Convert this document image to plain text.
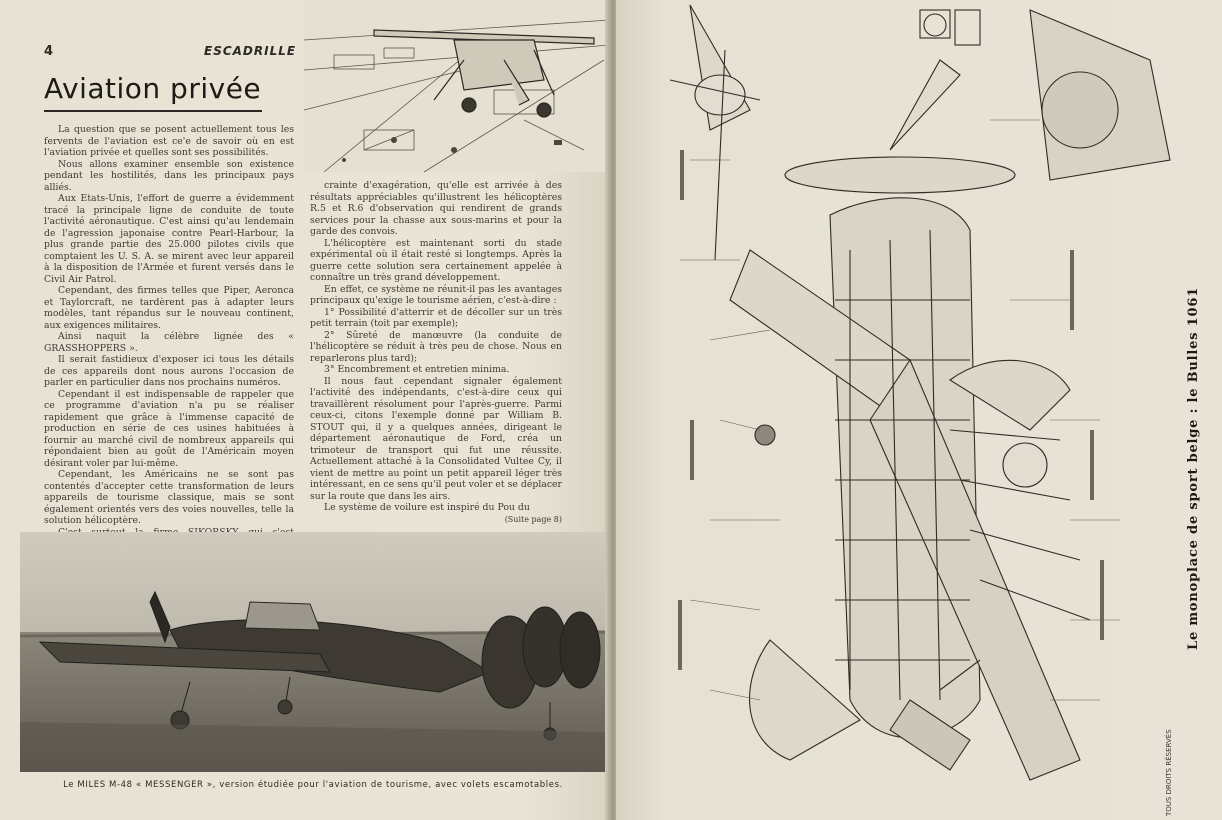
4	ESCADRILLE
Aviation privée

La question que se posent actuellement tous les fervents de l'aviation est ce'e de savoir où en est l'aviation privée et quelles sont ses possibilités.

Nous allons examiner ensemble son existence pendant les hostilités, dans les principaux pays alliés.

Aux Etats-Unis, l'effort de guerre a évidemment tracé la principale ligne de conduite de toute l'activité aéronautique. C'est ainsi qu'au lendemain de l'agression japonaise contre Pearl-Harbour, la plus grande partie des 25.000 pilotes civils que comptaient les U. S. A. se mirent avec leur appareil à la disposition de l'Armée et furent versés dans le Civil Air Patrol.

Cependant, des firmes telles que Piper, Aeronca et Taylorcraft, ne tardèrent pas à adapter leurs modèles, tant répandus sur le nouveau continent, aux exigences militaires.

Ainsi naquit la célèbre lignée des « GRASSHOPPERS ».

Il serait fastidieux d'exposer ici tous les détails de ces appareils dont nous aurons l'occasion de parler en particulier dans nos prochains numéros.

Cependant il est indispensable de rappeler que ce programme d'aviation n'a pu se réaliser rapidement que grâce à l'immense capacité de production en série de ces usines habituées à fournir au marché civil de nombreux appareils qui répondaient bien au goût de l'Américain moyen désirant voler par lui-même.

Cependant, les Américains ne se sont pas contentés d'accepter cette transformation de leurs appareils de tourisme classique, mais se sont également orientés vers des voies nouvelles, telle la solution hélicoptère.

crainte d'exagération, qu'elle est arrivée à des résultats appréciables qu'illustrent les hélicoptères R.5 et R.6 d'observation qui rendirent de grands services pour la chasse aux sous-marins et pour la garde des convois.

L'hélicoptère est maintenant sorti du stade expérimental où il était resté si longtemps. Après la guerre cette solution sera certainement appelée à connaître un très grand développement.

En effet, ce système ne réunit-il pas les avantages principaux qu'exige le tourisme aérien, c'est-à-dire :

1° Possibilité d'atterrir et de décoller sur un très petit terrain (toit par exemple);

2° Sûreté de manœuvre (la conduite de l'hélicoptère se réduit à très peu de chose. Nous en reparlerons plus tard);

3° Encombrement et entretien minima.

Il nous faut cependant signaler également l'activité des indépendants, c'est-à-dire ceux qui travaillèrent résolument pour l'après-guerre. Parmi ceux-ci, citons l'exemple donné par William B. STOUT qui, il y a quelques années, dirigeant le département aéronautique de Ford, créa un trimoteur de transport qui fut une réussite. Actuellement attaché à la Consolidated Vultee Cy, il vient de mettre au point un petit appareil léger très intéressant, en ce sens qu'il peut voler et se déplacer sur la route que dans les airs.

Le système de voilure est inspiré du Pou du

(Suite page 8)

Le MILES M-48 « MESSENGER », version étudiée pour l'aviation de tourisme, avec volets escamotables.
Le monoplace de sport belge : le Bulles 1061
TOUS DROITS RÉSERVÉS
